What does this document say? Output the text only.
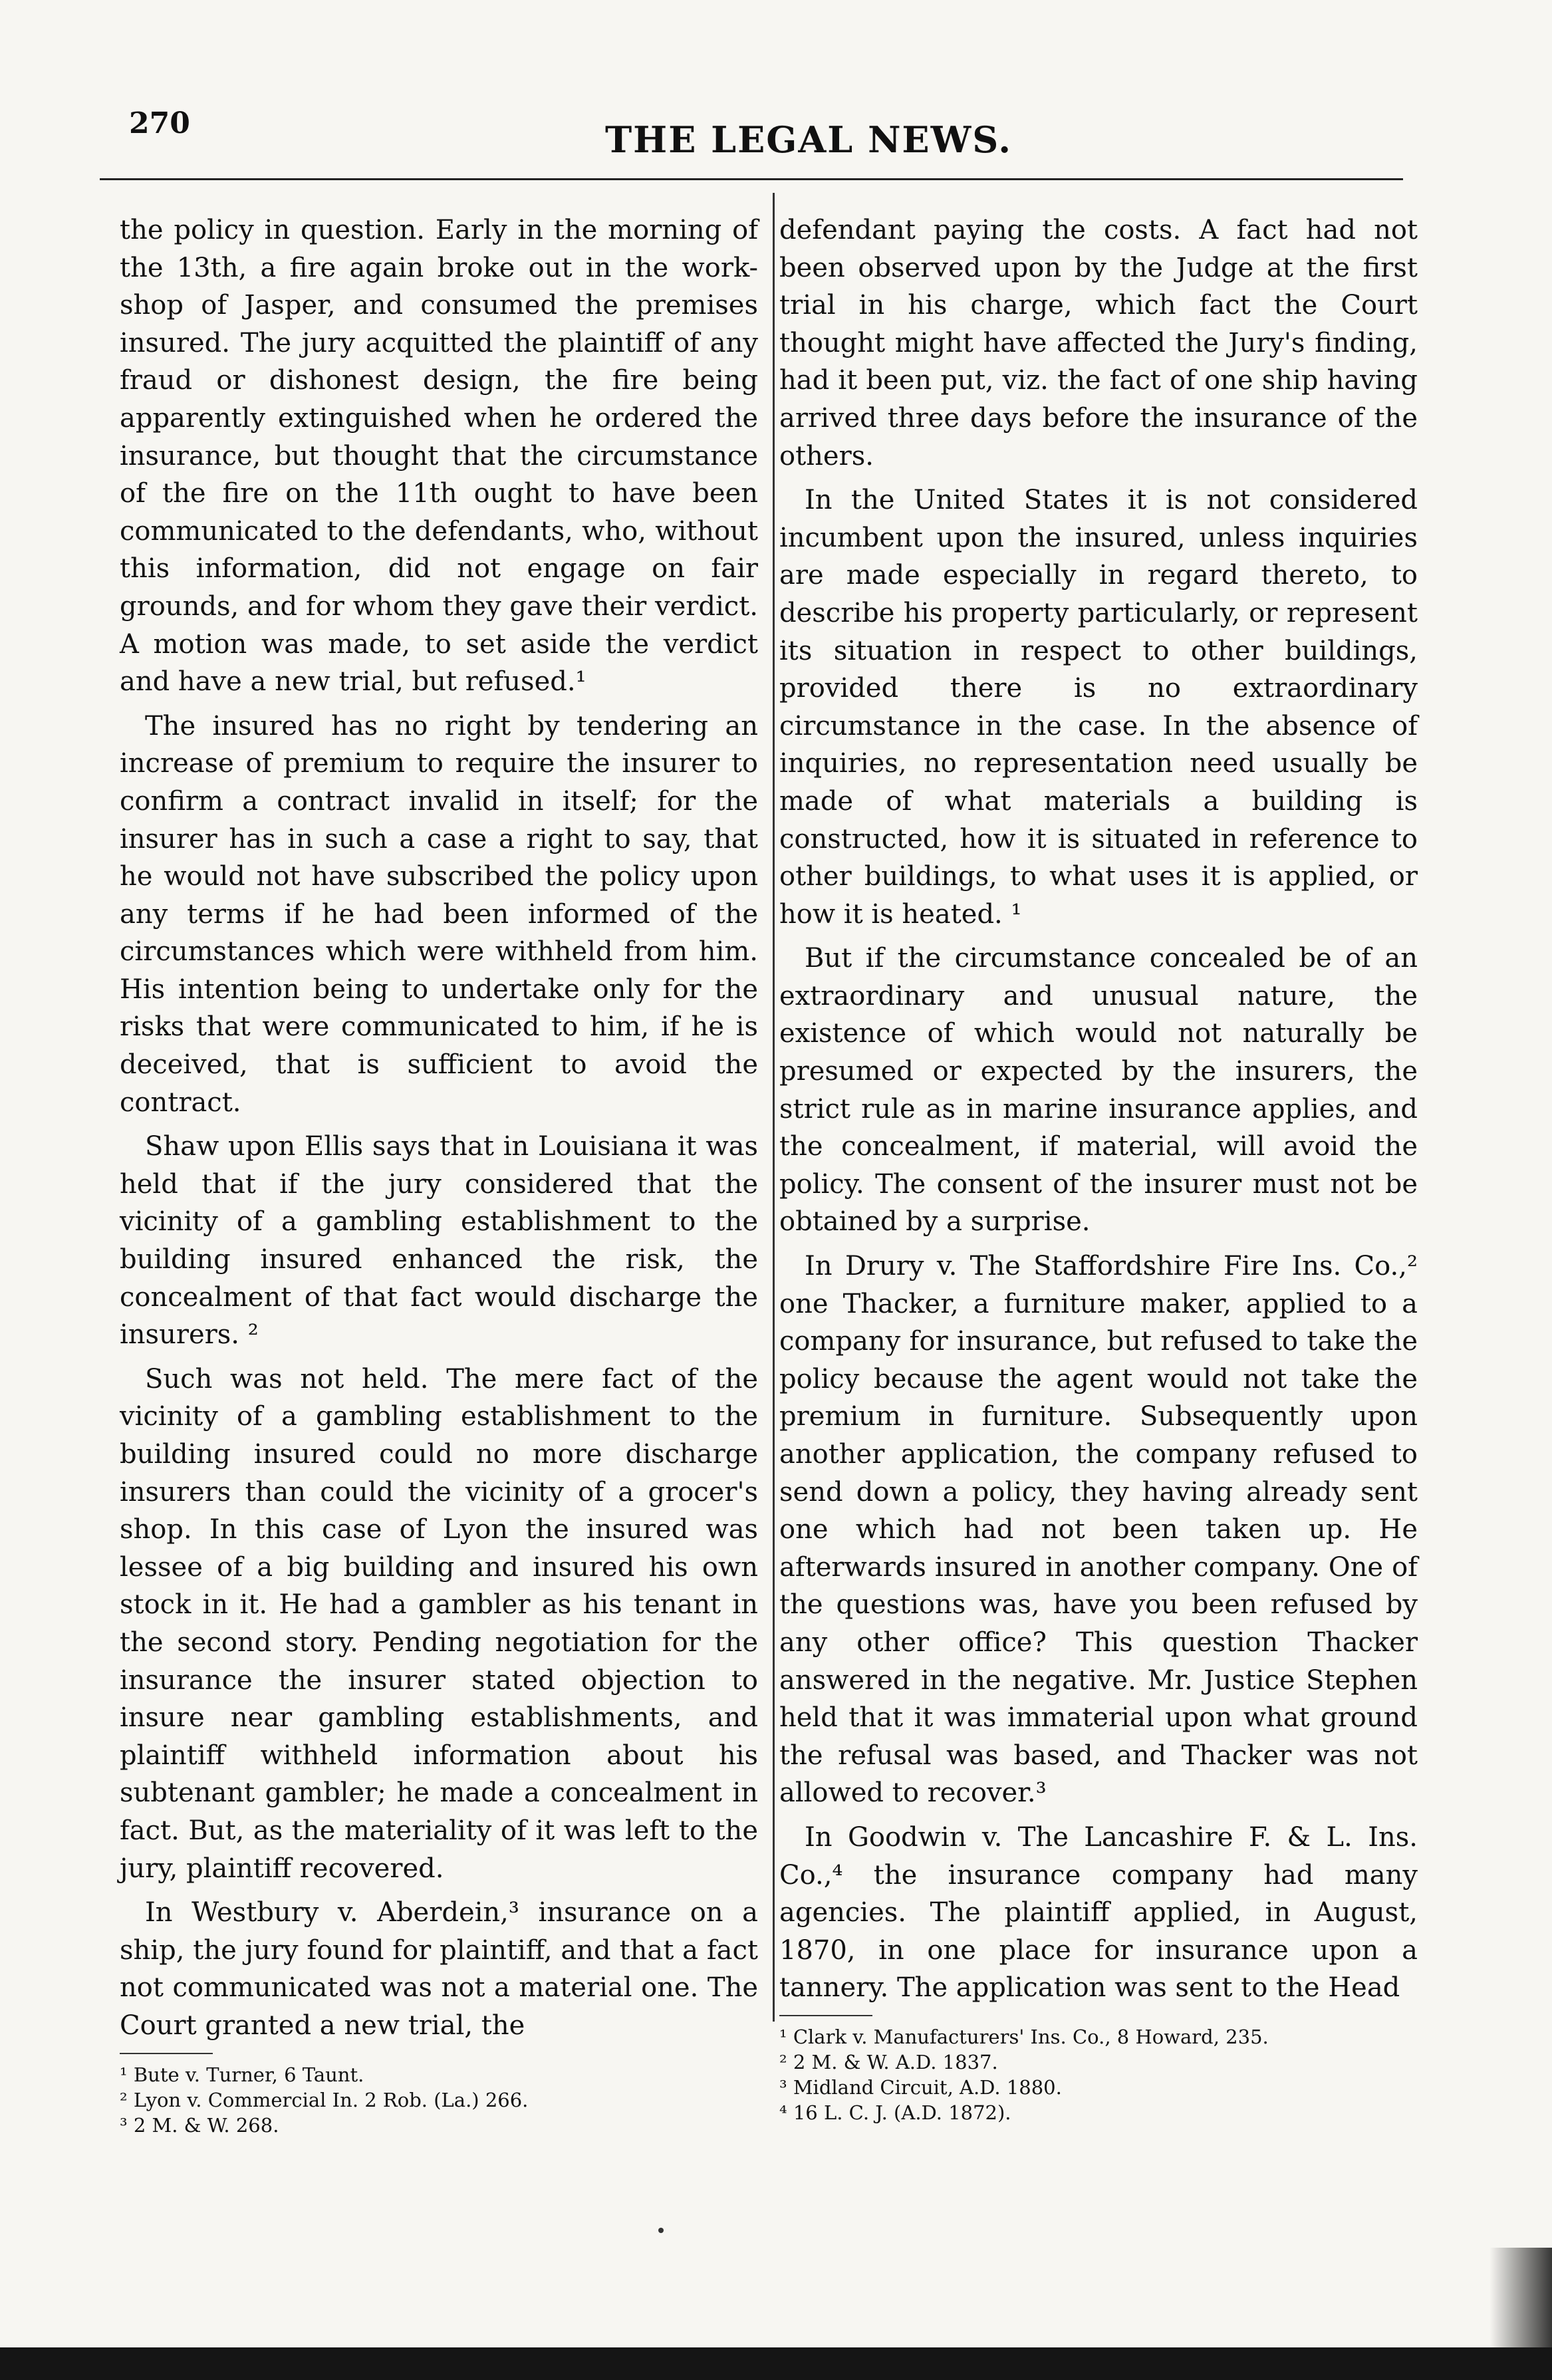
270	THE LEGAL NEWS.

the policy in question. Early in the morning of the 13th, a fire again broke out in the work-shop of Jasper, and consumed the premises insured. The jury acquitted the plaintiff of any fraud or dishonest design, the fire being apparently extinguished when he ordered the insurance, but thought that the circumstance of the fire on the 11th ought to have been communicated to the defendants, who, without this information, did not engage on fair grounds, and for whom they gave their verdict. A motion was made, to set aside the verdict and have a new trial, but refused.¹

The insured has no right by tendering an increase of premium to require the insurer to confirm a contract invalid in itself; for the insurer has in such a case a right to say, that he would not have subscribed the policy upon any terms if he had been informed of the circumstances which were withheld from him. His intention being to undertake only for the risks that were communicated to him, if he is deceived, that is sufficient to avoid the contract.

Shaw upon Ellis says that in Louisiana it was held that if the jury considered that the vicinity of a gambling establishment to the building insured enhanced the risk, the concealment of that fact would discharge the insurers. ²

Such was not held. The mere fact of the vicinity of a gambling establishment to the building insured could no more discharge insurers than could the vicinity of a grocer's shop. In this case of Lyon the insured was lessee of a big building and insured his own stock in it. He had a gambler as his tenant in the second story. Pending negotiation for the insurance the insurer stated objection to insure near gambling establishments, and plaintiff withheld information about his subtenant gambler; he made a concealment in fact. But, as the materiality of it was left to the jury, plaintiff recovered.

In Westbury v. Aberdein,³ insurance on a ship, the jury found for plaintiff, and that a fact not communicated was not a material one. The Court granted a new trial, the

¹ Bute v. Turner, 6 Taunt.
² Lyon v. Commercial In. 2 Rob. (La.) 266.
³ 2 M. & W. 268.

defendant paying the costs. A fact had not been observed upon by the Judge at the first trial in his charge, which fact the Court thought might have affected the Jury's finding, had it been put, viz. the fact of one ship having arrived three days before the insurance of the others.

In the United States it is not considered incumbent upon the insured, unless inquiries are made especially in regard thereto, to describe his property particularly, or represent its situation in respect to other buildings, provided there is no extraordinary circumstance in the case. In the absence of inquiries, no representation need usually be made of what materials a building is constructed, how it is situated in reference to other buildings, to what uses it is applied, or how it is heated. ¹

But if the circumstance concealed be of an extraordinary and unusual nature, the existence of which would not naturally be presumed or expected by the insurers, the strict rule as in marine insurance applies, and the concealment, if material, will avoid the policy. The consent of the insurer must not be obtained by a surprise.

In Drury v. The Staffordshire Fire Ins. Co.,² one Thacker, a furniture maker, applied to a company for insurance, but refused to take the policy because the agent would not take the premium in furniture. Subsequently upon another application, the company refused to send down a policy, they having already sent one which had not been taken up. He afterwards insured in another company. One of the questions was, have you been refused by any other office? This question Thacker answered in the negative. Mr. Justice Stephen held that it was immaterial upon what ground the refusal was based, and Thacker was not allowed to recover.³

In Goodwin v. The Lancashire F. & L. Ins. Co.,⁴ the insurance company had many agencies. The plaintiff applied, in August, 1870, in one place for insurance upon a tannery. The application was sent to the Head

¹ Clark v. Manufacturers' Ins. Co., 8 Howard, 235.
² 2 M. & W. A.D. 1837.
³ Midland Circuit, A.D. 1880.
⁴ 16 L. C. J. (A.D. 1872).
